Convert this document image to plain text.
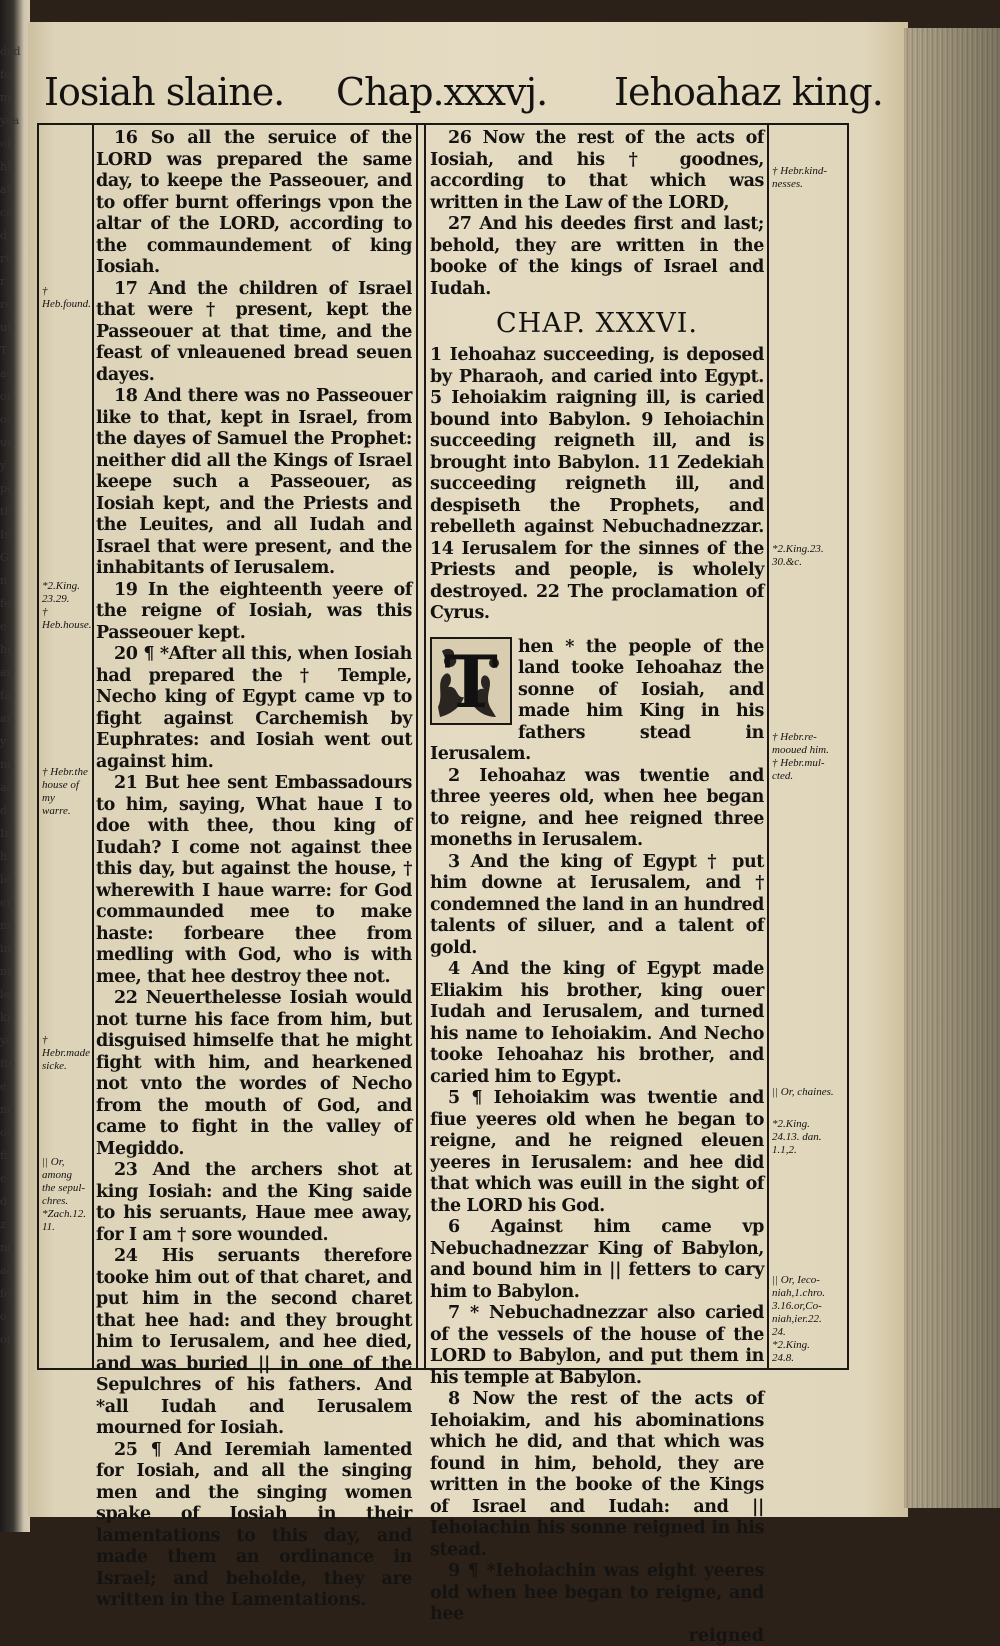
ded
fo
m
yea
of
hi
at
ce
d
rt
r
re
ut
T
ac
or
oo
ue
y
pe
th
Is
G
n
fe
e
he
ar
fa
ar
y
nd
ad
d
Ir
h
le
en
nn
in
m
le
ki
ye
fte
e
no
oo
fi
e
d
z
ne
ad
fo
o
on
Iosiah slaine. Chap.xxxvj. Iehoahaz king.
† Heb.found.
*2.King.
23.29.
† Heb.house.
† Hebr.the
house of my
warre.
† Hebr.made
sicke.
|| Or, among
the sepul-
chres.
*Zach.12.
11.

16 So all the seruice of the LORD was prepared the same day, to keepe the Passeouer, and to offer burnt offerings vpon the altar of the LORD, according to the commaundement of king Iosiah.

17 And the children of Israel that were † present, kept the Passeouer at that time, and the feast of vnleauened bread seuen dayes.

18 And there was no Passeouer like to that, kept in Israel, from the dayes of Samuel the Prophet: neither did all the Kings of Israel keepe such a Passeouer, as Iosiah kept, and the Priests and the Leuites, and all Iudah and Israel that were present, and the inhabitants of Ierusalem.

19 In the eighteenth yeere of the reigne of Iosiah, was this Passeouer kept.

20 ¶ *After all this, when Iosiah had prepared the † Temple, Necho king of Egypt came vp to fight against Carchemish by Euphrates: and Iosiah went out against him.

21 But hee sent Embassadours to him, saying, What haue I to doe with thee, thou king of Iudah? I come not against thee this day, but against the house, † wherewith I haue warre: for God commaunded mee to make haste: forbeare thee from medling with God, who is with mee, that hee destroy thee not.

22 Neuerthelesse Iosiah would not turne his face from him, but disguised himselfe that he might fight with him, and hearkened not vnto the wordes of Necho from the mouth of God, and came to fight in the valley of Megiddo.

23 And the archers shot at king Iosiah: and the King saide to his seruants, Haue mee away, for I am † sore wounded.

24 His seruants therefore tooke him out of that charet, and put him in the second charet that hee had: and they brought him to Ierusalem, and hee died, and was buried || in one of the Sepulchres of his fathers. And *all Iudah and Ierusalem mourned for Iosiah.

25 ¶ And Ieremiah lamented for Iosiah, and all the singing men and the singing women spake of Iosiah in their lamentations to this day, and made them an ordinance in Israel; and beholde, they are written in the Lamentations.

26 Now the rest of the acts of Iosiah, and his † goodnes, according to that which was written in the Law of the LORD,

27 And his deedes first and last; behold, they are written in the booke of the kings of Israel and Iudah.

CHAP. XXXVI.

1 Iehoahaz succeeding, is deposed by Pharaoh, and caried into Egypt. 5 Iehoiakim raigning ill, is caried bound into Babylon. 9 Iehoiachin succeeding reigneth ill, and is brought into Babylon. 11 Zedekiah succeeding reigneth ill, and despiseth the Prophets, and rebelleth against Nebuchadnezzar. 14 Ierusalem for the sinnes of the Priests and people, is wholely destroyed. 22 The proclamation of Cyrus.

T	hen * the people of the land tooke Iehoahaz the sonne of Iosiah, and made him King in his fathers stead in Ierusalem.

2 Iehoahaz was twentie and three yeeres old, when hee began to reigne, and hee reigned three moneths in Ierusalem.

3 And the king of Egypt † put him downe at Ierusalem, and † condemned the land in an hundred talents of siluer, and a talent of gold.

4 And the king of Egypt made Eliakim his brother, king ouer Iudah and Ierusalem, and turned his name to Iehoiakim. And Necho tooke Iehoahaz his brother, and caried him to Egypt.

5 ¶ Iehoiakim was twentie and fiue yeeres old when he began to reigne, and he reigned eleuen yeeres in Ierusalem: and hee did that which was euill in the sight of the LORD his God.

6 Against him came vp Nebuchadnezzar King of Babylon, and bound him in || fetters to cary him to Babylon.

7 * Nebuchadnezzar also caried of the vessels of the house of the LORD to Babylon, and put them in his temple at Babylon.

8 Now the rest of the acts of Iehoiakim, and his abominations which he did, and that which was found in him, behold, they are written in the booke of the Kings of Israel and Iudah: and || Iehoiachin his sonne reigned in his stead.

9 ¶ *Iehoiachin was eight yeeres old when hee began to reigne, and hee

reigned
† Hebr.kind-
nesses.
*2.King.23.
30.&c.
† Hebr.re-
mooued him.
† Hebr.mul-
cted.
|| Or, chaines.
*2.King.
24.13. dan.
1.1,2.
|| Or, Ieco-
niah,1.chro.
3.16.or,Co-
niah,ier.22.
24.
*2.King.
24.8.
